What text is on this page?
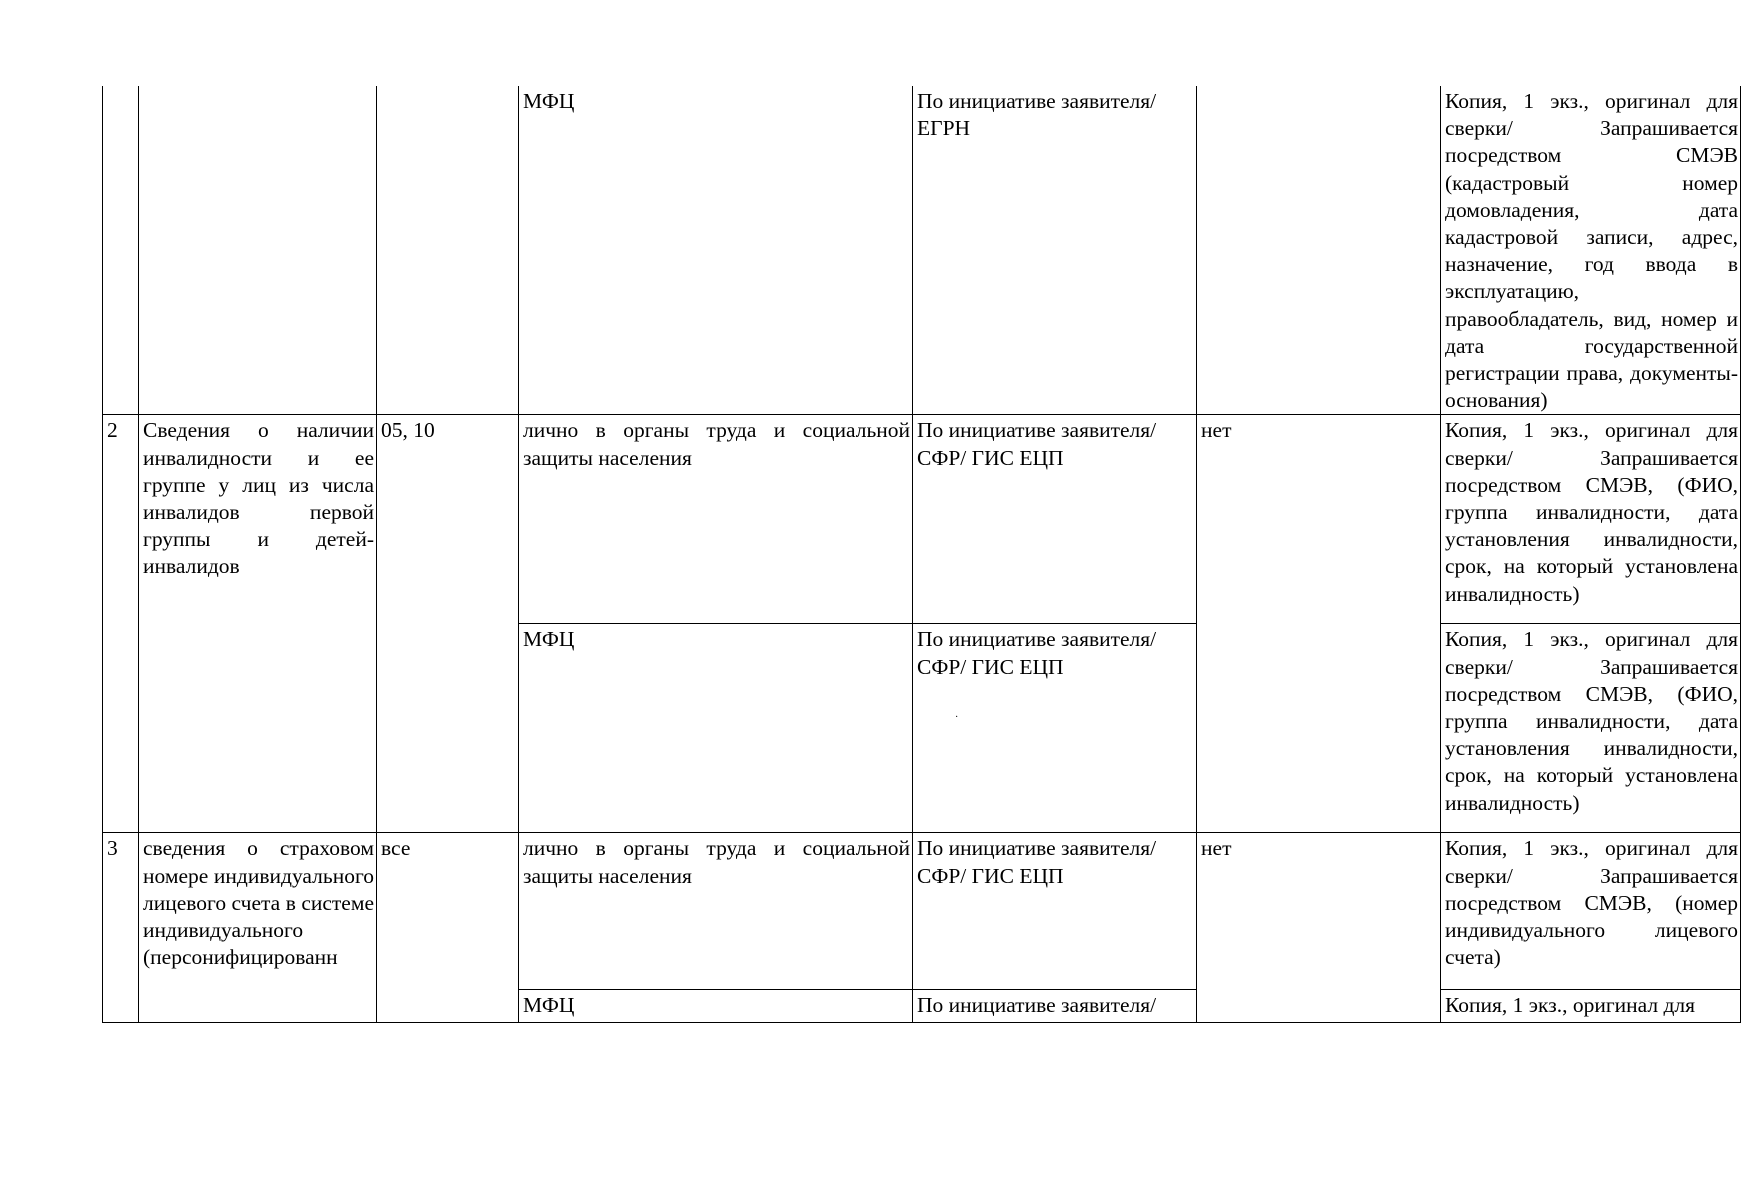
			МФЦ	По инициативе заявителя/ ЕГРН		Копия, 1 экз., оригинал для сверки/ Запрашивается посредством СМЭВ (кадастровый номер домовладения, дата кадастровой записи, адрес, назначение, год ввода в эксплуатацию, правообладатель, вид, номер и дата государственной регистрации права, документы-основания)
2	Сведения о наличии инвалидности и ее группе у лиц из числа инвалидов первой группы и детей-инвалидов	05, 10	лично в органы труда и социальной защиты населения	По инициативе заявителя/ СФР/ ГИС ЕЦП	нет	Копия, 1 экз., оригинал для сверки/ Запрашивается посредством СМЭВ, (ФИО, группа инвалидности, дата установления инвалидности, срок, на который установлена инвалидность)
			МФЦ	По инициативе заявителя/ СФР/ ГИС ЕЦП		Копия, 1 экз., оригинал для сверки/ Запрашивается посредством СМЭВ, (ФИО, группа инвалидности, дата установления инвалидности, срок, на который установлена инвалидность)
3	сведения о страховом номере индивидуального лицевого счета в системе индивидуального (персонифицированн	все	лично в органы труда и социальной защиты населения	По инициативе заявителя/ СФР/ ГИС ЕЦП	нет	Копия, 1 экз., оригинал для сверки/ Запрашивается посредством СМЭВ, (номер индивидуального лицевого счета)
			МФЦ	По инициативе заявителя/		Копия, 1 экз., оригинал для
·
